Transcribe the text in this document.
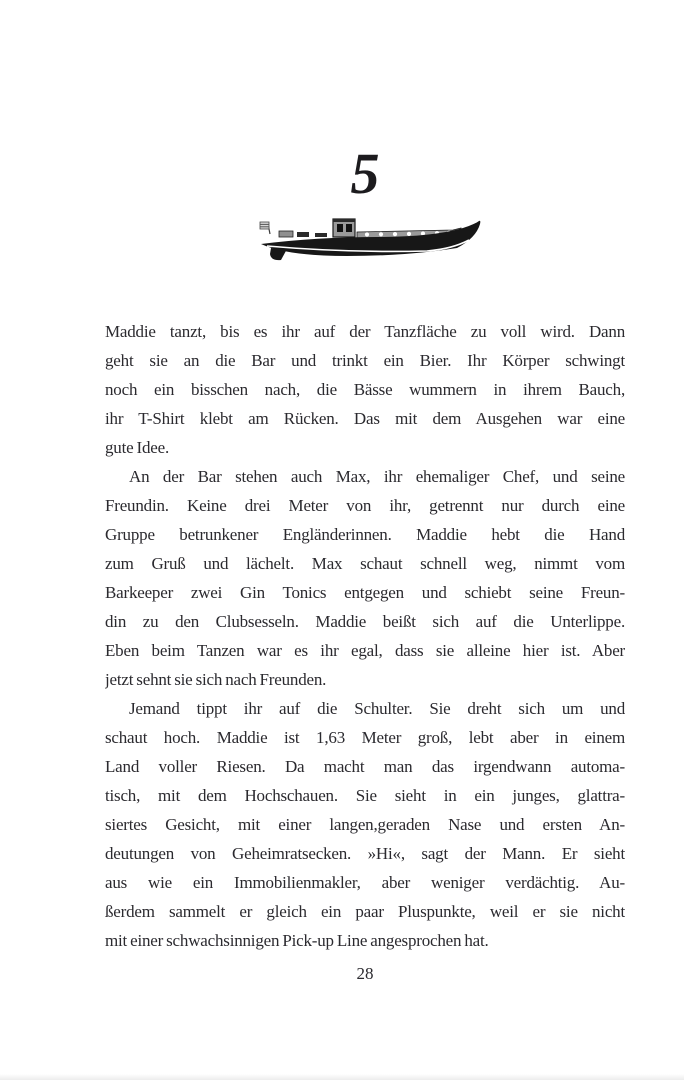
5
Maddie tanzt, bis es ihr auf der Tanzfläche zu voll wird. Dann
geht sie an die Bar und trinkt ein Bier. Ihr Körper schwingt
noch ein bisschen nach, die Bässe wummern in ihrem Bauch,
ihr T-Shirt klebt am Rücken. Das mit dem Ausgehen war eine
gute Idee.
An der Bar stehen auch Max, ihr ehemaliger Chef, und seine
Freundin. Keine drei Meter von ihr, getrennt nur durch eine
Gruppe betrunkener Engländerinnen. Maddie hebt die Hand
zum Gruß und lächelt. Max schaut schnell weg, nimmt vom
Barkeeper zwei Gin Tonics entgegen und schiebt seine Freun-
din zu den Clubsesseln. Maddie beißt sich auf die Unterlippe.
Eben beim Tanzen war es ihr egal, dass sie alleine hier ist. Aber
jetzt sehnt sie sich nach Freunden.
Jemand tippt ihr auf die Schulter. Sie dreht sich um und
schaut hoch. Maddie ist 1,63 Meter groß, lebt aber in einem
Land voller Riesen. Da macht man das irgendwann automa-
tisch, mit dem Hochschauen. Sie sieht in ein junges, glattra-
siertes Gesicht, mit einer langen,geraden Nase und ersten An-
deutungen von Geheimratsecken. »Hi«, sagt der Mann. Er sieht
aus wie ein Immobilienmakler, aber weniger verdächtig. Au-
ßerdem sammelt er gleich ein paar Pluspunkte, weil er sie nicht
mit einer schwachsinnigen Pick-up Line angesprochen hat.
28
